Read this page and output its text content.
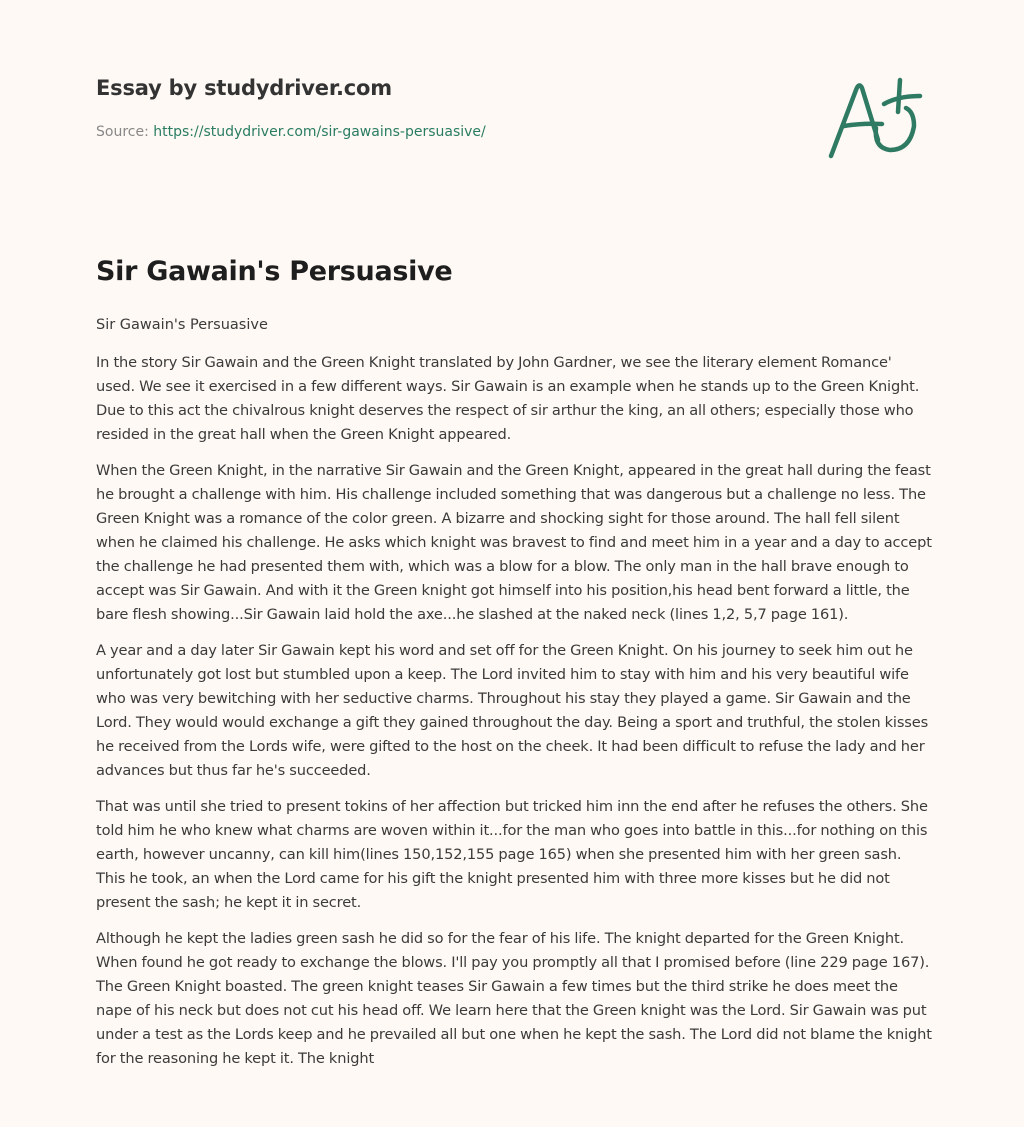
Essay by studydriver.com
Source: https://studydriver.com/sir-gawains-persuasive/
Sir Gawain's Persuasive

Sir Gawain's Persuasive

In the story Sir Gawain and the Green Knight translated by John Gardner, we see the literary element Romance' used. We see it exercised in a few different ways. Sir Gawain is an example when he stands up to the Green Knight. Due to this act the chivalrous knight deserves the respect of sir arthur the king, an all others; especially those who resided in the great hall when the Green Knight appeared.

When the Green Knight, in the narrative Sir Gawain and the Green Knight, appeared in the great hall during the feast he brought a challenge with him. His challenge included something that was dangerous but a challenge no less. The Green Knight was a romance of the color green. A bizarre and shocking sight for those around. The hall fell silent when he claimed his challenge. He asks which knight was bravest to find and meet him in a year and a day to accept the challenge he had presented them with, which was a blow for a blow. The only man in the hall brave enough to accept was Sir Gawain. And with it the Green knight got himself into his position,his head bent forward a little, the bare flesh showing...Sir Gawain laid hold the axe...he slashed at the naked neck (lines 1,2, 5,7 page 161).

A year and a day later Sir Gawain kept his word and set off for the Green Knight. On his journey to seek him out he unfortunately got lost but stumbled upon a keep. The Lord invited him to stay with him and his very beautiful wife who was very bewitching with her seductive charms. Throughout his stay they played a game. Sir Gawain and the Lord. They would would exchange a gift they gained throughout the day. Being a sport and truthful, the stolen kisses he received from the Lords wife, were gifted to the host on the cheek. It had been difficult to refuse the lady and her advances but thus far he's succeeded.

That was until she tried to present tokins of her affection but tricked him inn the end after he refuses the others. She told him he who knew what charms are woven within it...for the man who goes into battle in this...for nothing on this earth, however uncanny, can kill him(lines 150,152,155 page 165) when she presented him with her green sash. This he took, an when the Lord came for his gift the knight presented him with three more kisses but he did not present the sash; he kept it in secret.

Although he kept the ladies green sash he did so for the fear of his life. The knight departed for the Green Knight. When found he got ready to exchange the blows. I'll pay you promptly all that I promised before (line 229 page 167). The Green Knight boasted. The green knight teases Sir Gawain a few times but the third strike he does meet the nape of his neck but does not cut his head off. We learn here that the Green knight was the Lord. Sir Gawain was put under a test as the Lords keep and he prevailed all but one when he kept the sash. The Lord did not blame the knight for the reasoning he kept it. The knight
